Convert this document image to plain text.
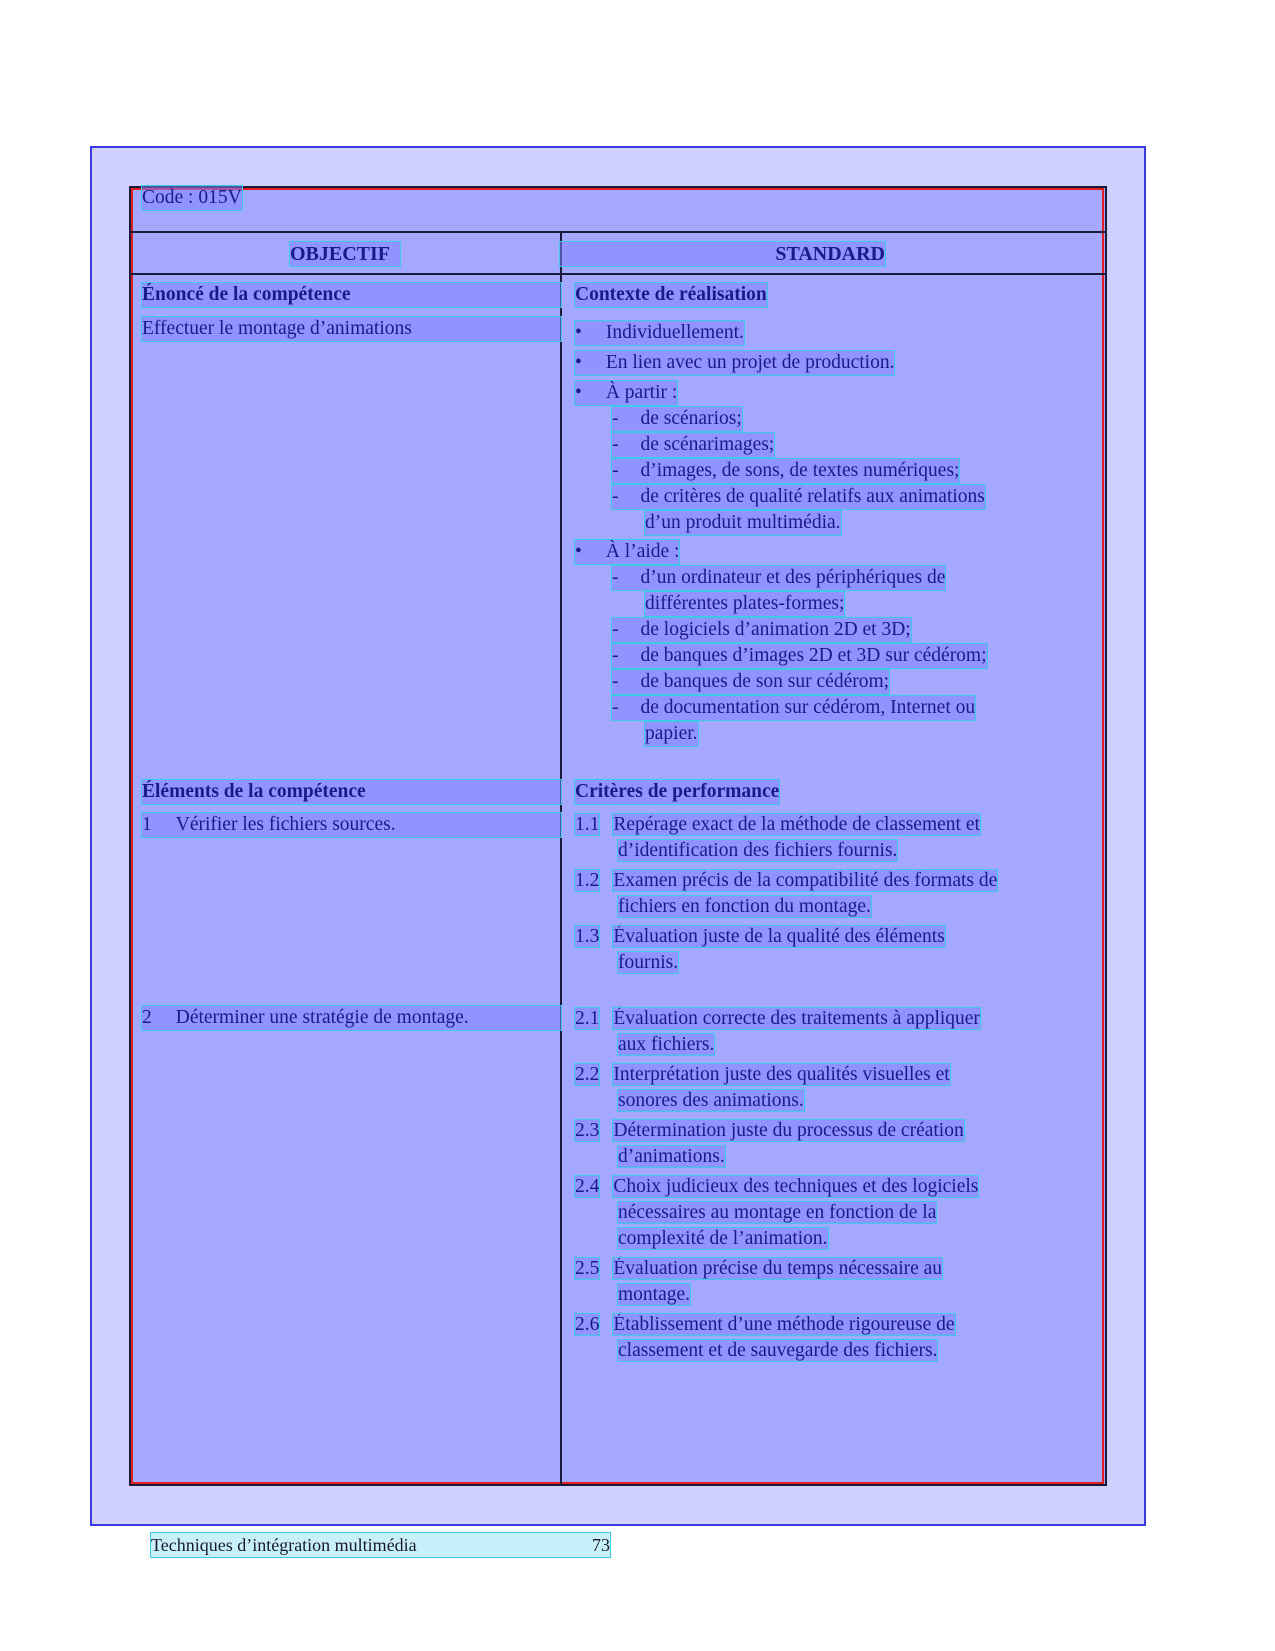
Code : 015V
OBJECTIF	STANDARD
Énoncé de la compétence
Effectuer le montage d’animations
Éléments de la compétence
1 Vérifier les fichiers sources.
2 Déterminer une stratégie de montage.
Contexte de réalisation
• Individuellement.
• En lien avec un projet de production.
• À partir :
- de scénarios;
- de scénarimages;
- d’images, de sons, de textes numériques;
- de critères de qualité relatifs aux animations
d’un produit multimédia.
• À l’aide :
- d’un ordinateur et des périphériques de
différentes plates-formes;
- de logiciels d’animation 2D et 3D;
- de banques d’images 2D et 3D sur cédérom;
- de banques de son sur cédérom;
- de documentation sur cédérom, Internet ou
papier.
Critères de performance
1.1 Repérage exact de la méthode de classement et
d’identification des fichiers fournis.
1.2 Examen précis de la compatibilité des formats de
fichiers en fonction du montage.
1.3 Évaluation juste de la qualité des éléments
fournis.
2.1 Évaluation correcte des traitements à appliquer
aux fichiers.
2.2 Interprétation juste des qualités visuelles et
sonores des animations.
2.3 Détermination juste du processus de création
d’animations.
2.4 Choix judicieux des techniques et des logiciels
nécessaires au montage en fonction de la
complexité de l’animation.
2.5 Évaluation précise du temps nécessaire au
montage.
2.6 Établissement d’une méthode rigoureuse de
classement et de sauvegarde des fichiers.
Techniques d’intégration multimédia	73
